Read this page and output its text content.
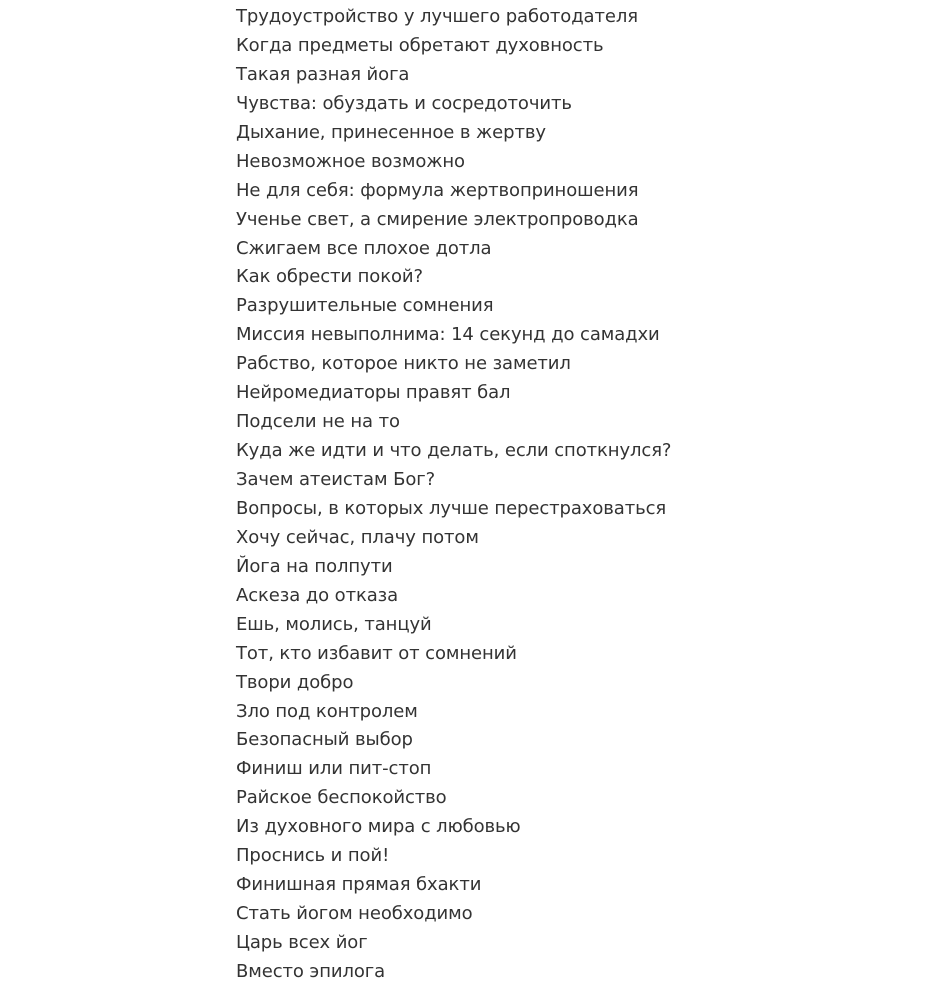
Трудоустройство у лучшего работодателя
Когда предметы обретают духовность
Такая разная йога
Чувства: обуздать и сосредоточить
Дыхание, принесенное в жертву
Невозможное возможно
Не для себя: формула жертвоприношения
Ученье свет, а смирение электропроводка
Сжигаем все плохое дотла
Как обрести покой?
Разрушительные сомнения
Миссия невыполнима: 14 секунд до самадхи
Рабство, которое никто не заметил
Нейромедиаторы правят бал
Подсели не на то
Куда же идти и что делать, если споткнулся?
Зачем атеистам Бог?
Вопросы, в которых лучше перестраховаться
Хочу сейчас, плачу потом
Йога на полпути
Аскеза до отказа
Ешь, молись, танцуй
Тот, кто избавит от сомнений
Твори добро
Зло под контролем
Безопасный выбор
Финиш или пит-стоп
Райское беспокойство
Из духовного мира с любовью
Проснись и пой!
Финишная прямая бхакти
Стать йогом необходимо
Царь всех йог
Вместо эпилога
